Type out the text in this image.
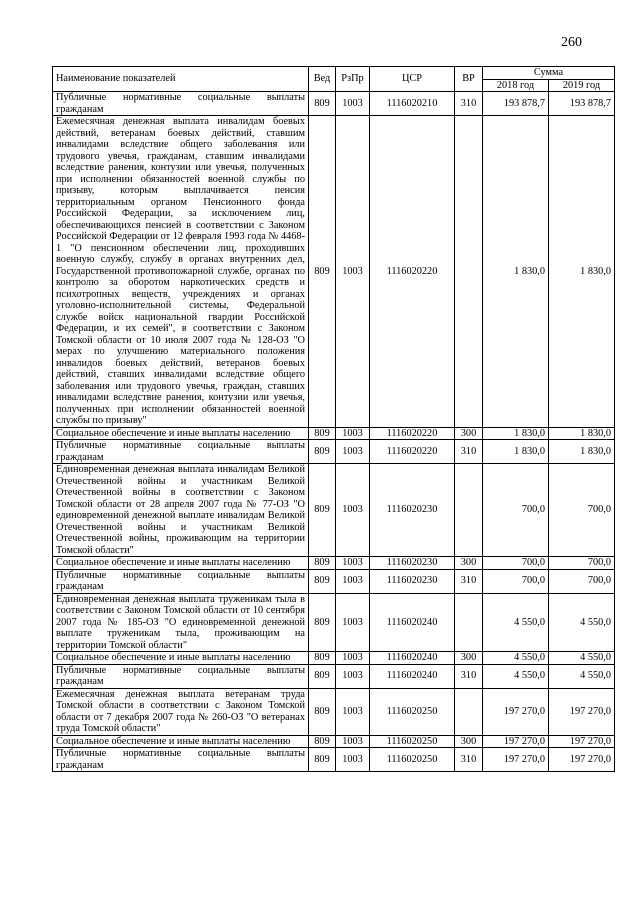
260
Наименование показателей	Вед	РзПр	ЦСР	ВР	Сумма	
					2018 год	2019 год
Публичные нормативные социальные выплаты гражданам	809	1003	1116020210	310	193 878,7	193 878,7
Ежемесячная денежная выплата инвалидам боевых действий, ветеранам боевых действий, ставшим инвалидами вследствие общего заболевания или трудового увечья, гражданам, ставшим инвалидами вследствие ранения, контузии или увечья, полученных при исполнении обязанностей военной службы по призыву, которым выплачивается пенсия территориальным органом Пенсионного фонда Российской Федерации, за исключением лиц, обеспечивающихся пенсией в соответствии с Законом Российской Федерации от 12 февраля 1993 года № 4468-1 "О пенсионном обеспечении лиц, проходивших военную службу, службу в органах внутренних дел, Государственной противопожарной службе, органах по контролю за оборотом наркотических средств и психотропных веществ, учреждениях и органах уголовно-исполнительной системы, Федеральной службе войск национальной гвардии Российской Федерации, и их семей", в соответствии с Законом Томской области от 10 июля 2007 года № 128-ОЗ "О мерах по улучшению материального положения инвалидов боевых действий, ветеранов боевых действий, ставших инвалидами вследствие общего заболевания или трудового увечья, граждан, ставших инвалидами вследствие ранения, контузии или увечья, полученных при исполнении обязанностей военной службы по призыву"	809	1003	1116020220		1 830,0	1 830,0
Социальное обеспечение и иные выплаты населению	809	1003	1116020220	300	1 830,0	1 830,0
Публичные нормативные социальные выплаты гражданам	809	1003	1116020220	310	1 830,0	1 830,0
Единовременная денежная выплата инвалидам Великой Отечественной войны и участникам Великой Отечественной войны в соответствии с Законом Томской области от 28 апреля 2007 года № 77-ОЗ "О единовременной денежной выплате инвалидам Великой Отечественной войны и участникам Великой Отечественной войны, проживающим на территории Томской области"	809	1003	1116020230		700,0	700,0
Социальное обеспечение и иные выплаты населению	809	1003	1116020230	300	700,0	700,0
Публичные нормативные социальные выплаты гражданам	809	1003	1116020230	310	700,0	700,0
Единовременная денежная выплата труженикам тыла в соответствии с Законом Томской области от 10 сентября 2007 года № 185-ОЗ "О единовременной денежной выплате труженикам тыла, проживающим на территории Томской области"	809	1003	1116020240		4 550,0	4 550,0
Социальное обеспечение и иные выплаты населению	809	1003	1116020240	300	4 550,0	4 550,0
Публичные нормативные социальные выплаты гражданам	809	1003	1116020240	310	4 550,0	4 550,0
Ежемесячная денежная выплата ветеранам труда Томской области в соответствии с Законом Томской области от 7 декабря 2007 года № 260-ОЗ "О ветеранах труда Томской области"	809	1003	1116020250		197 270,0	197 270,0
Социальное обеспечение и иные выплаты населению	809	1003	1116020250	300	197 270,0	197 270,0
Публичные нормативные социальные выплаты гражданам	809	1003	1116020250	310	197 270,0	197 270,0
